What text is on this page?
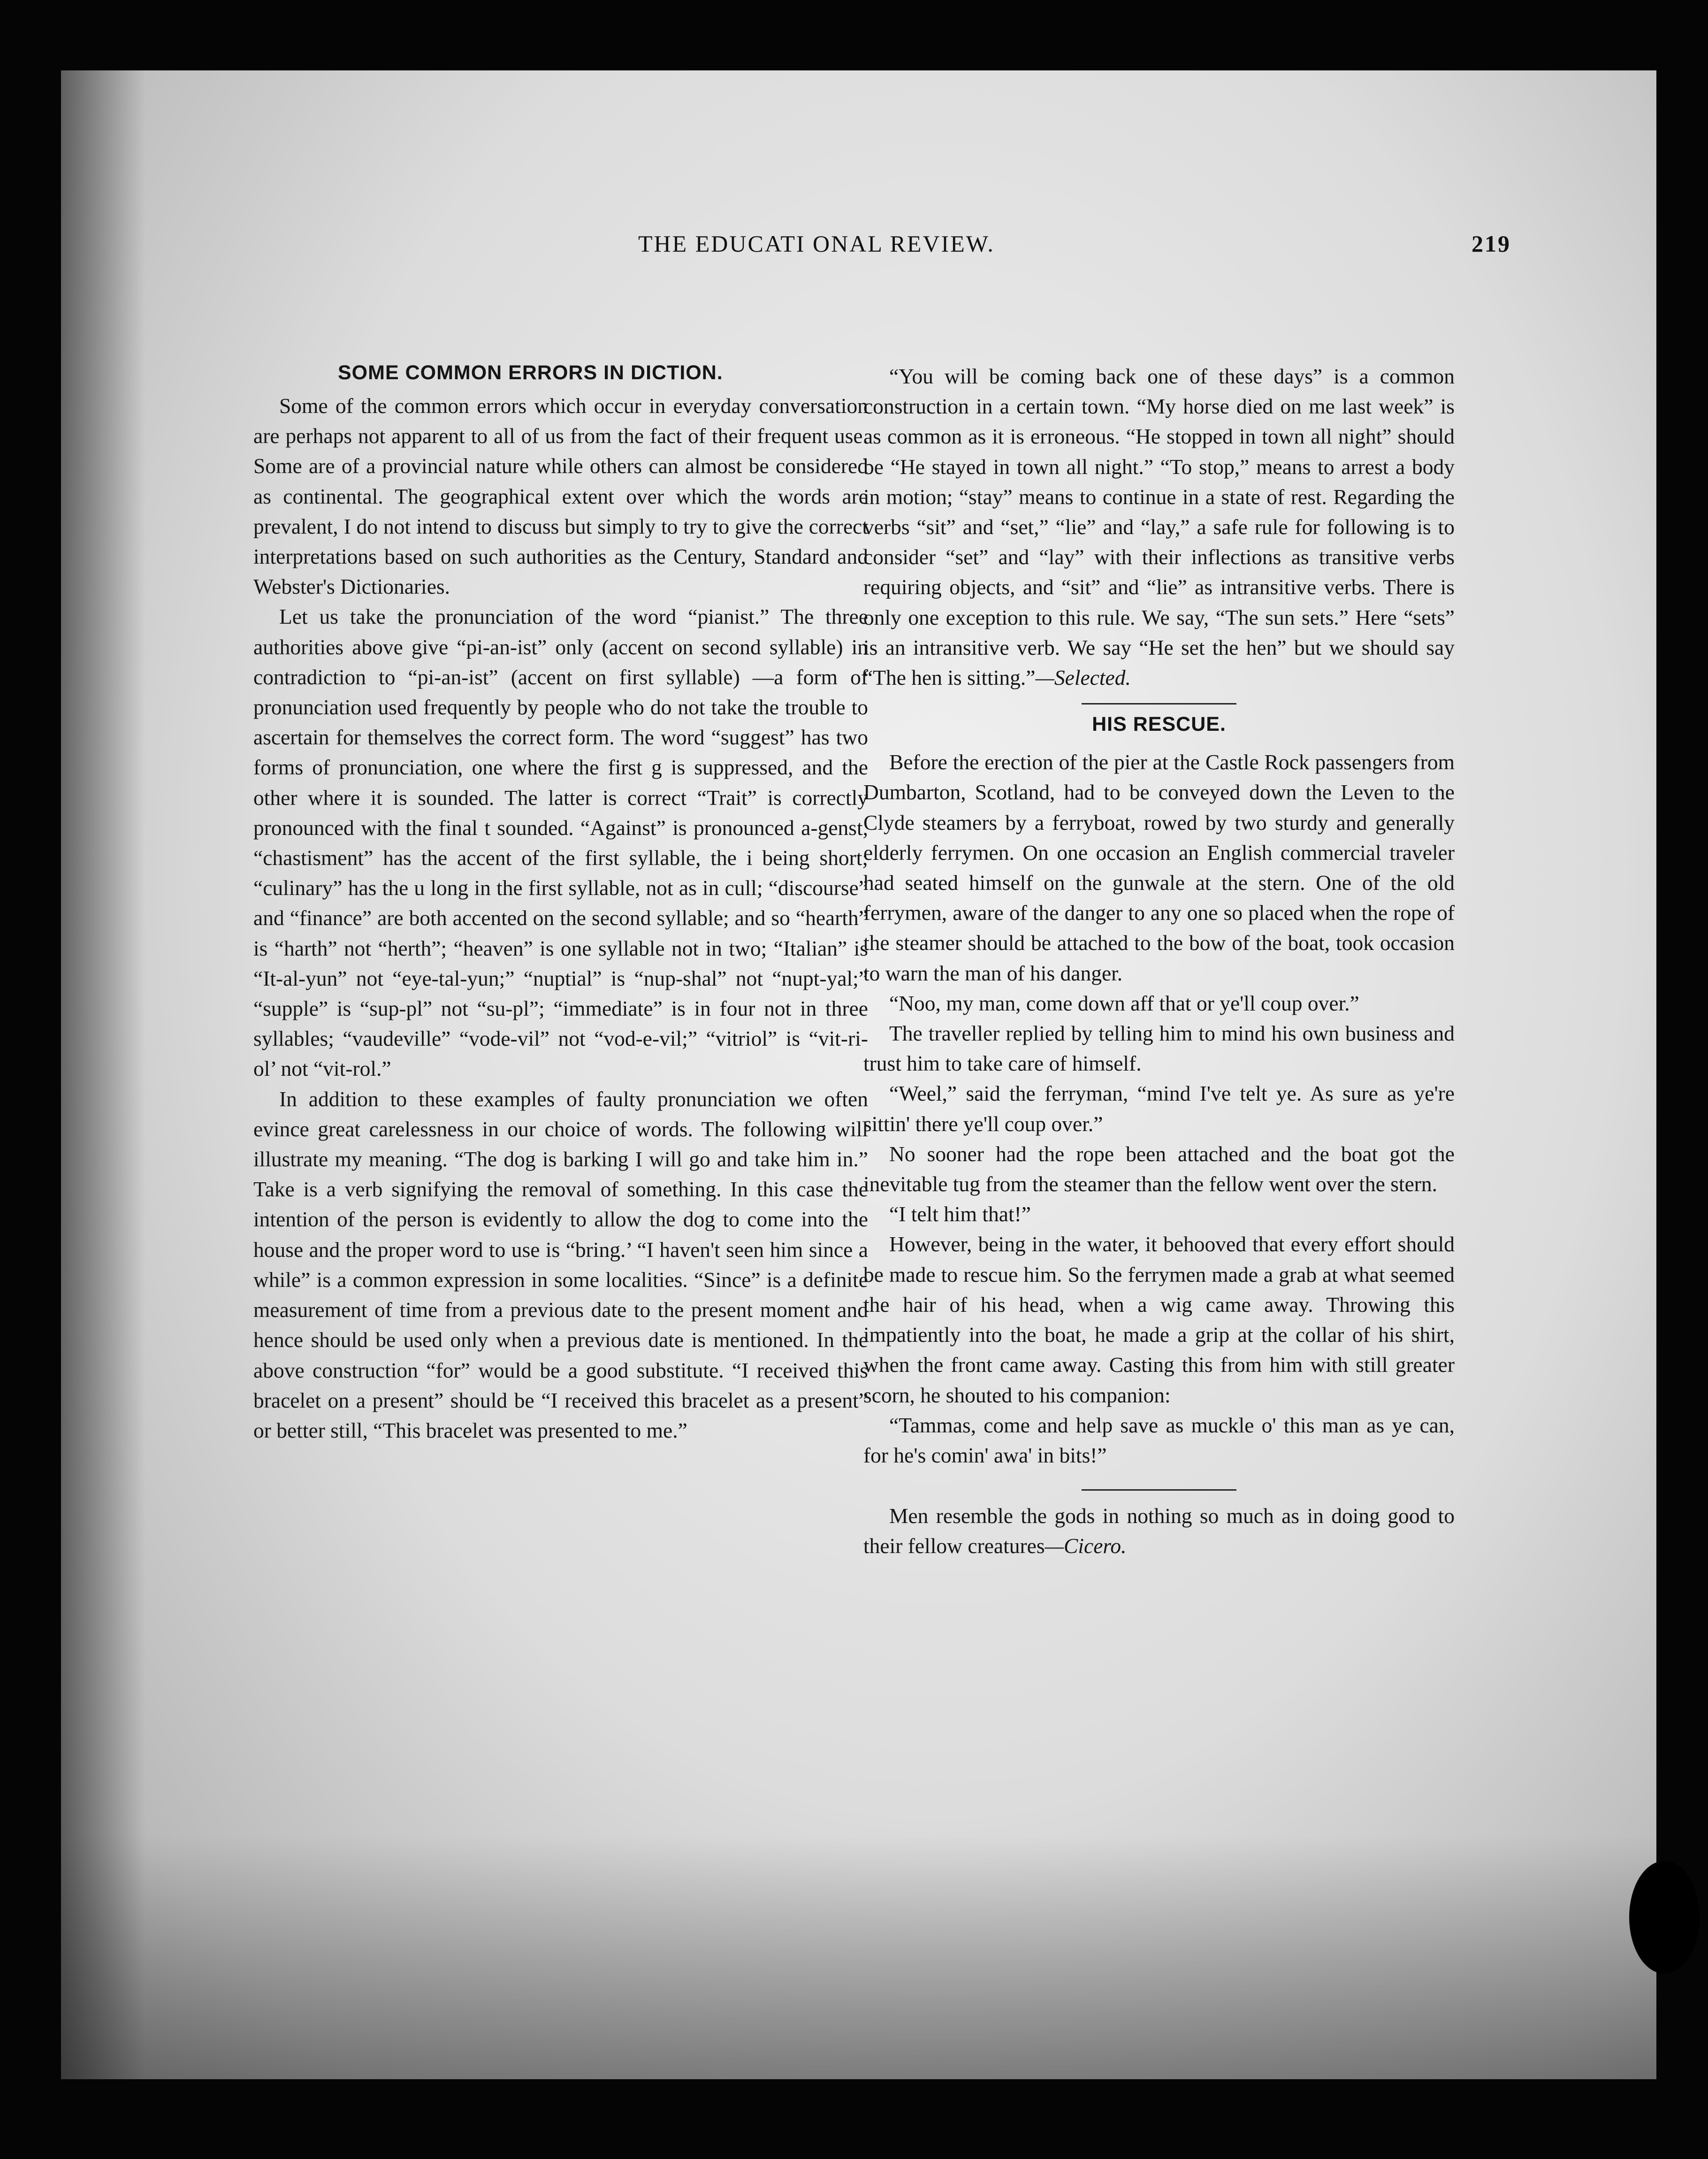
THE EDUCATI ONAL REVIEW.	219
SOME COMMON ERRORS IN DICTION.

Some of the common errors which occur in everyday conversation are perhaps not apparent to all of us from the fact of their frequent use. Some are of a provincial nature while others can almost be considered as continental. The geographical extent over which the words are prevalent, I do not intend to discuss but simply to try to give the correct interpretations based on such authorities as the Century, Standard and Webster's Dictionaries.

Let us take the pronunciation of the word “pianist.” The three authorities above give “pi-an-ist” only (accent on second syllable) in contradiction to “pi-an-ist” (accent on first syllable) —a form of pronunciation used frequently by people who do not take the trouble to ascertain for themselves the correct form. The word “suggest” has two forms of pronunciation, one where the first g is suppressed, and the other where it is sounded. The latter is correct “Trait” is correctly pronounced with the final t sounded. “Against” is pronounced a-genst, “chastisment” has the accent of the first syllable, the i being short; “culinary” has the u long in the first syllable, not as in cull; “discourse” and “finance” are both accented on the second syllable; and so “hearth” is “harth” not “herth”; “heaven” is one syllable not in two; “Italian” is “It-al-yun” not “eye-tal-yun;” “nuptial” is “nup-shal” not “nupt-yal;” “supple” is “sup-pl” not “su-pl”; “immediate” is in four not in three syllables; “vaudeville” “vode-vil” not “vod-e-vil;” “vitriol” is “vit-ri-ol’ not “vit-rol.”

In addition to these examples of faulty pronunciation we often evince great carelessness in our choice of words. The following will illustrate my meaning. “The dog is barking I will go and take him in.” Take is a verb signifying the removal of something. In this case the intention of the person is evidently to allow the dog to come into the house and the proper word to use is “bring.’ “I haven't seen him since a while” is a common expression in some localities. “Since” is a definite measurement of time from a previous date to the present moment and hence should be used only when a previous date is mentioned. In the above construction “for” would be a good substitute. “I received this bracelet on a present” should be “I received this bracelet as a present” or better still, “This bracelet was presented to me.”

“You will be coming back one of these days” is a common construction in a certain town. “My horse died on me last week” is as common as it is erroneous. “He stopped in town all night” should be “He stayed in town all night.” “To stop,” means to arrest a body in motion; “stay” means to continue in a state of rest. Regarding the verbs “sit” and “set,” “lie” and “lay,” a safe rule for following is to consider “set” and “lay” with their inflections as transitive verbs requiring objects, and “sit” and “lie” as intransitive verbs. There is only one exception to this rule. We say, “The sun sets.” Here “sets” is an intransitive verb. We say “He set the hen” but we should say “The hen is sitting.”—Selected.

HIS RESCUE.

Before the erection of the pier at the Castle Rock passengers from Dumbarton, Scotland, had to be conveyed down the Leven to the Clyde steamers by a ferryboat, rowed by two sturdy and generally elderly ferrymen. On one occasion an English commercial traveler had seated himself on the gunwale at the stern. One of the old ferrymen, aware of the danger to any one so placed when the rope of the steamer should be attached to the bow of the boat, took occasion to warn the man of his danger.

“Noo, my man, come down aff that or ye'll coup over.”

The traveller replied by telling him to mind his own business and trust him to take care of himself.

“Weel,” said the ferryman, “mind I've telt ye. As sure as ye're sittin' there ye'll coup over.”

No sooner had the rope been attached and the boat got the inevitable tug from the steamer than the fellow went over the stern.

“I telt him that!”

However, being in the water, it behooved that every effort should be made to rescue him. So the ferrymen made a grab at what seemed the hair of his head, when a wig came away. Throwing this impatiently into the boat, he made a grip at the collar of his shirt, when the front came away. Casting this from him with still greater scorn, he shouted to his companion:

“Tammas, come and help save as muckle o' this man as ye can, for he's comin' awa' in bits!”

Men resemble the gods in nothing so much as in doing good to their fellow creatures—Cicero.
